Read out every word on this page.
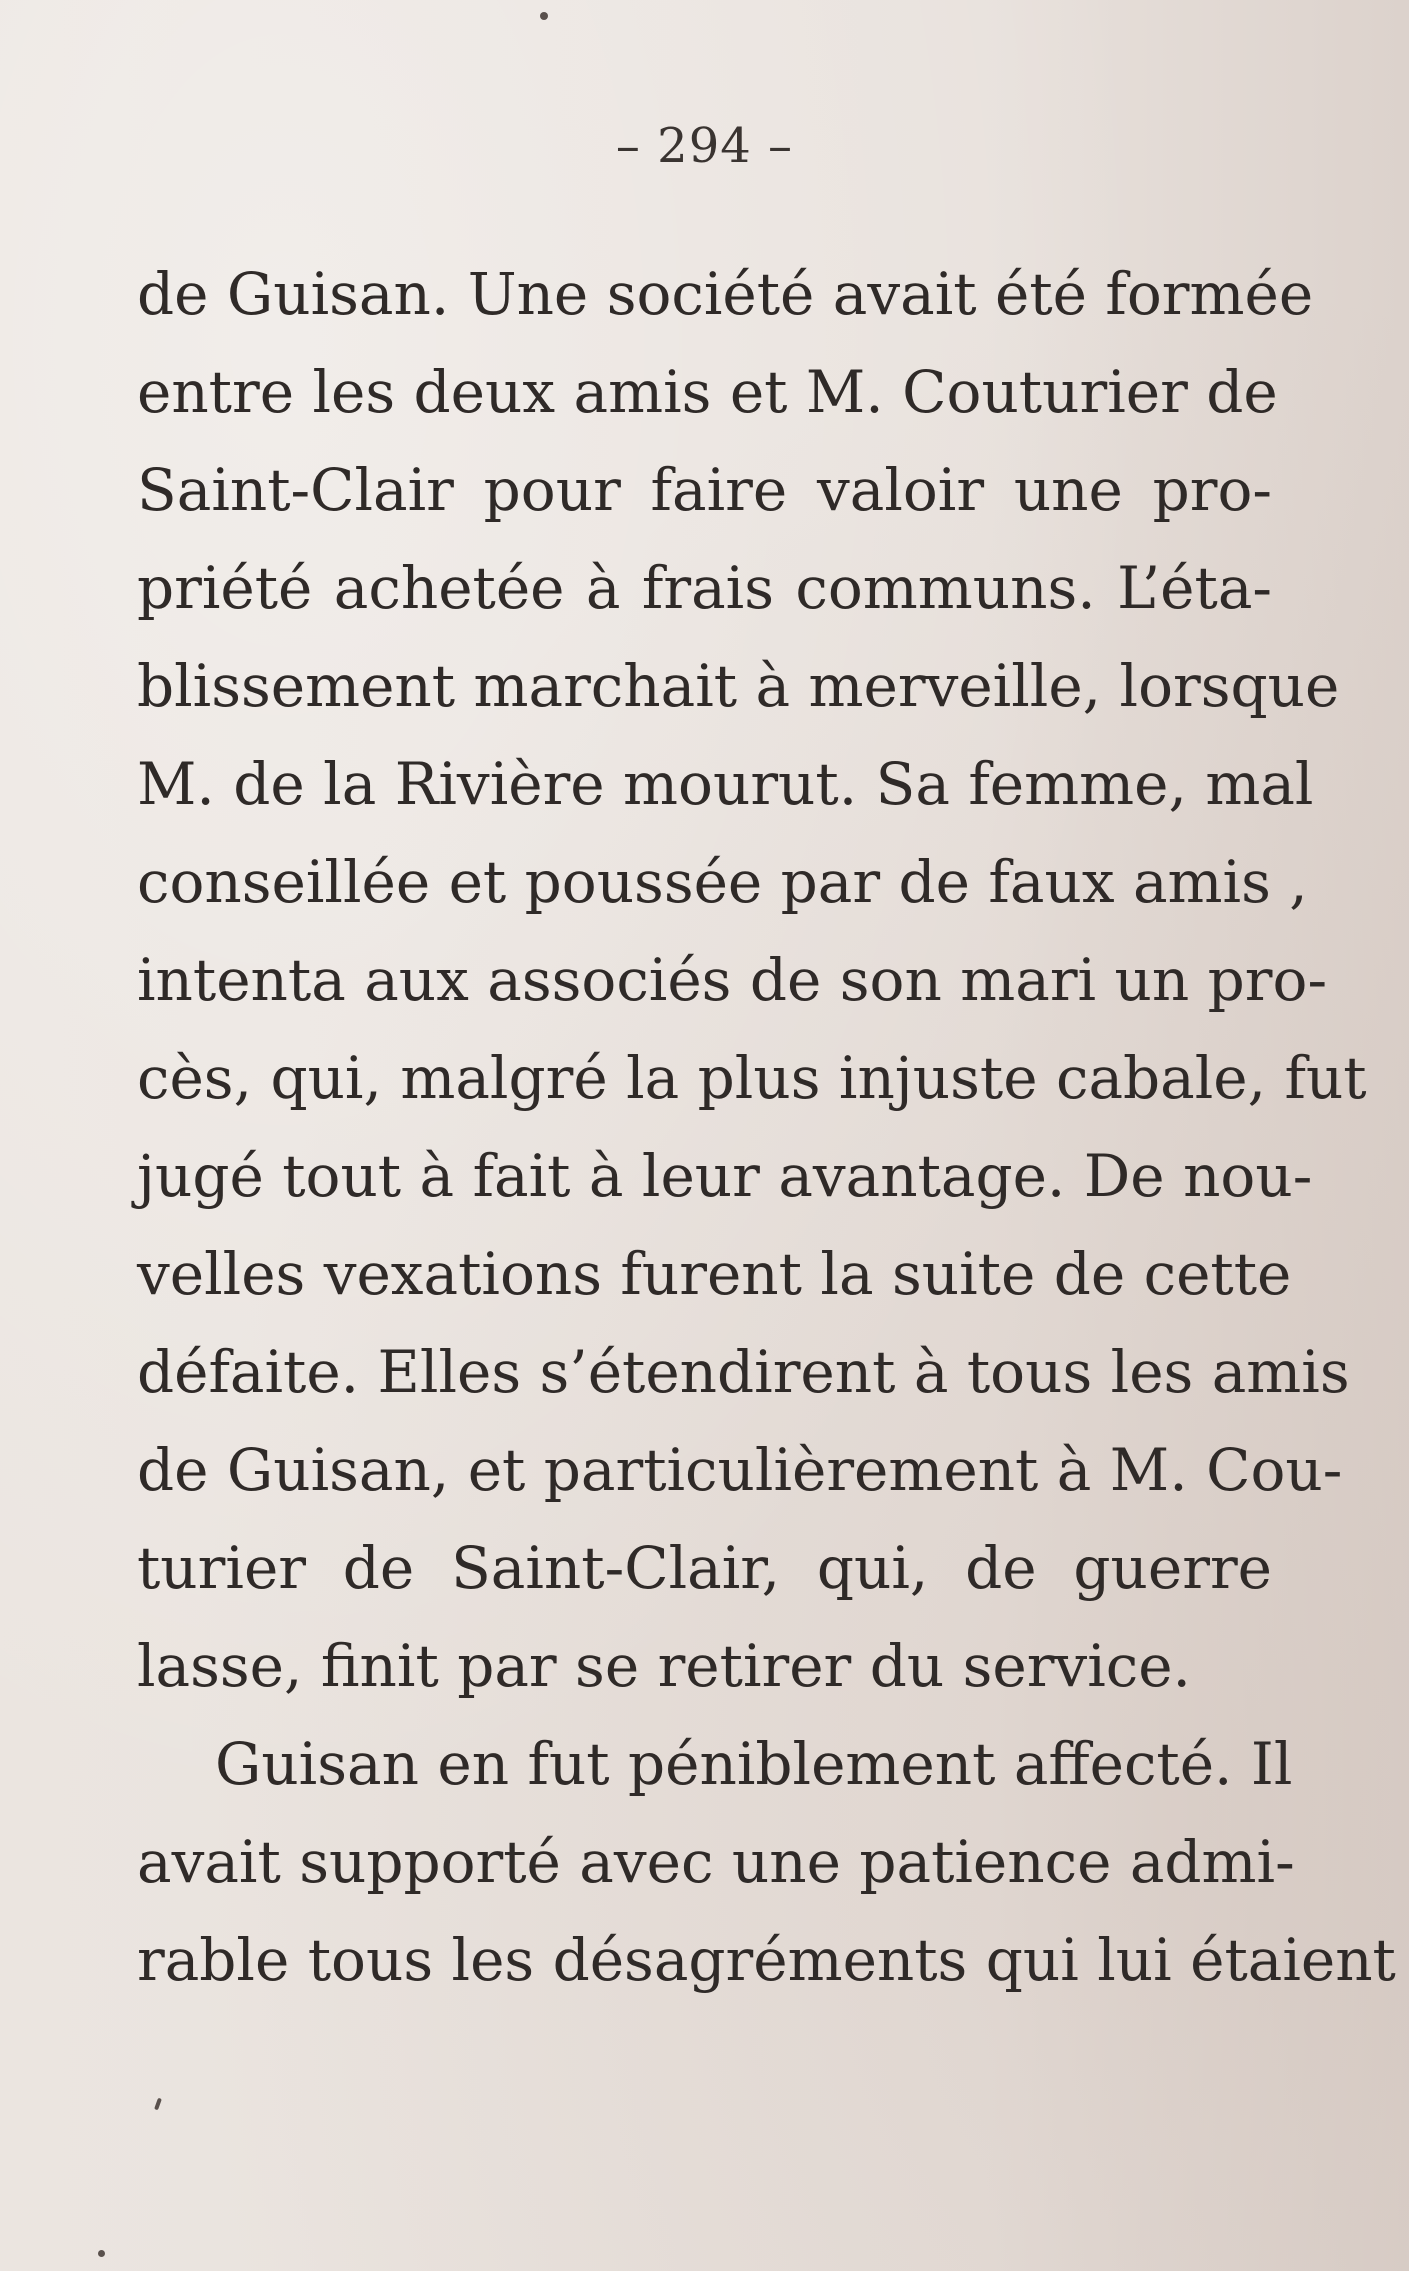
– 294 –
de Guisan. Une société avait été formée
entre les deux amis et M. Couturier de
Saint-Clair pour faire valoir une pro-
priété achetée à frais communs. L’éta-
blissement marchait à merveille, lorsque
M. de la Rivière mourut. Sa femme, mal
conseillée et poussée par de faux amis ,
intenta aux associés de son mari un pro-
cès, qui, malgré la plus injuste cabale, fut
jugé tout à fait à leur avantage. De nou-
velles vexations furent la suite de cette
défaite. Elles s’étendirent à tous les amis
de Guisan, et particulièrement à M. Cou-
turier de Saint-Clair, qui, de guerre
lasse, finit par se retirer du service.
Guisan en fut péniblement affecté. Il
avait supporté avec une patience admi-
rable tous les désagréments qui lui étaient
